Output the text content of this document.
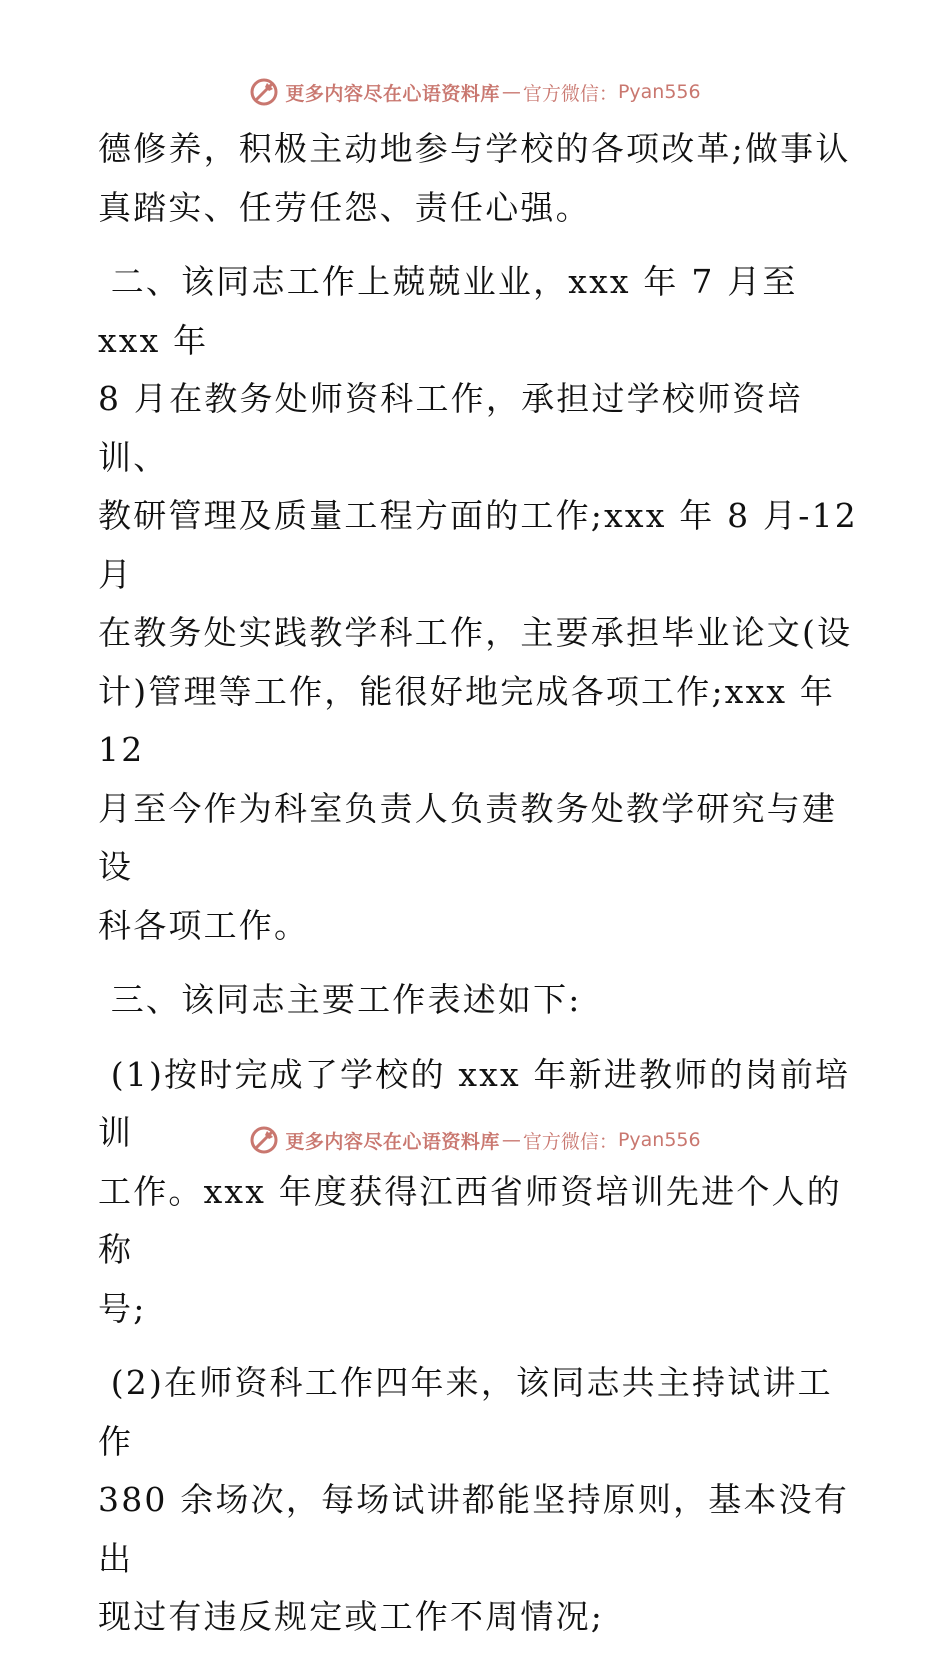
更多内容尽在心语资料库 — 官方微信： Pyan556

德修养，积极主动地参与学校的各项改革;做事认
真踏实、任劳任怨、责任心强。

二、该同志工作上兢兢业业，xxx 年 7 月至 xxx 年
8 月在教务处师资科工作，承担过学校师资培训、
教研管理及质量工程方面的工作;xxx 年 8 月-12 月
在教务处实践教学科工作，主要承担毕业论文(设
计)管理等工作，能很好地完成各项工作;xxx 年 12
月至今作为科室负责人负责教务处教学研究与建设
科各项工作。

三、该同志主要工作表述如下:

(1)按时完成了学校的 xxx 年新进教师的岗前培训
工作。xxx 年度获得江西省师资培训先进个人的称
号;

(2)在师资科工作四年来，该同志共主持试讲工作
380 余场次，每场试讲都能坚持原则，基本没有出
现过有违反规定或工作不周情况;

更多内容尽在心语资料库 — 官方微信： Pyan556
